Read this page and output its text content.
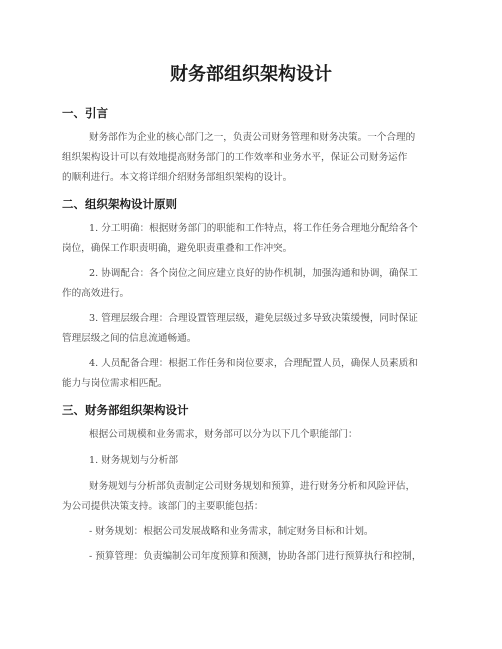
财务部组织架构设计
一、引言

财务部作为企业的核心部门之一，负责公司财务管理和财务决策。一个合理的

组织架构设计可以有效地提高财务部门的工作效率和业务水平，保证公司财务运作

的顺利进行。本文将详细介绍财务部组织架构的设计。

二、组织架构设计原则

1. 分工明确：根据财务部门的职能和工作特点，将工作任务合理地分配给各个

岗位，确保工作职责明确，避免职责重叠和工作冲突。

2. 协调配合：各个岗位之间应建立良好的协作机制，加强沟通和协调，确保工

作的高效进行。

3. 管理层级合理：合理设置管理层级，避免层级过多导致决策缓慢，同时保证

管理层级之间的信息流通畅通。

4. 人员配备合理：根据工作任务和岗位要求，合理配置人员，确保人员素质和

能力与岗位需求相匹配。

三、财务部组织架构设计

根据公司规模和业务需求，财务部可以分为以下几个职能部门：

1. 财务规划与分析部

财务规划与分析部负责制定公司财务规划和预算，进行财务分析和风险评估，

为公司提供决策支持。该部门的主要职能包括：

- 财务规划：根据公司发展战略和业务需求，制定财务目标和计划。

- 预算管理：负责编制公司年度预算和预测，协助各部门进行预算执行和控制，
